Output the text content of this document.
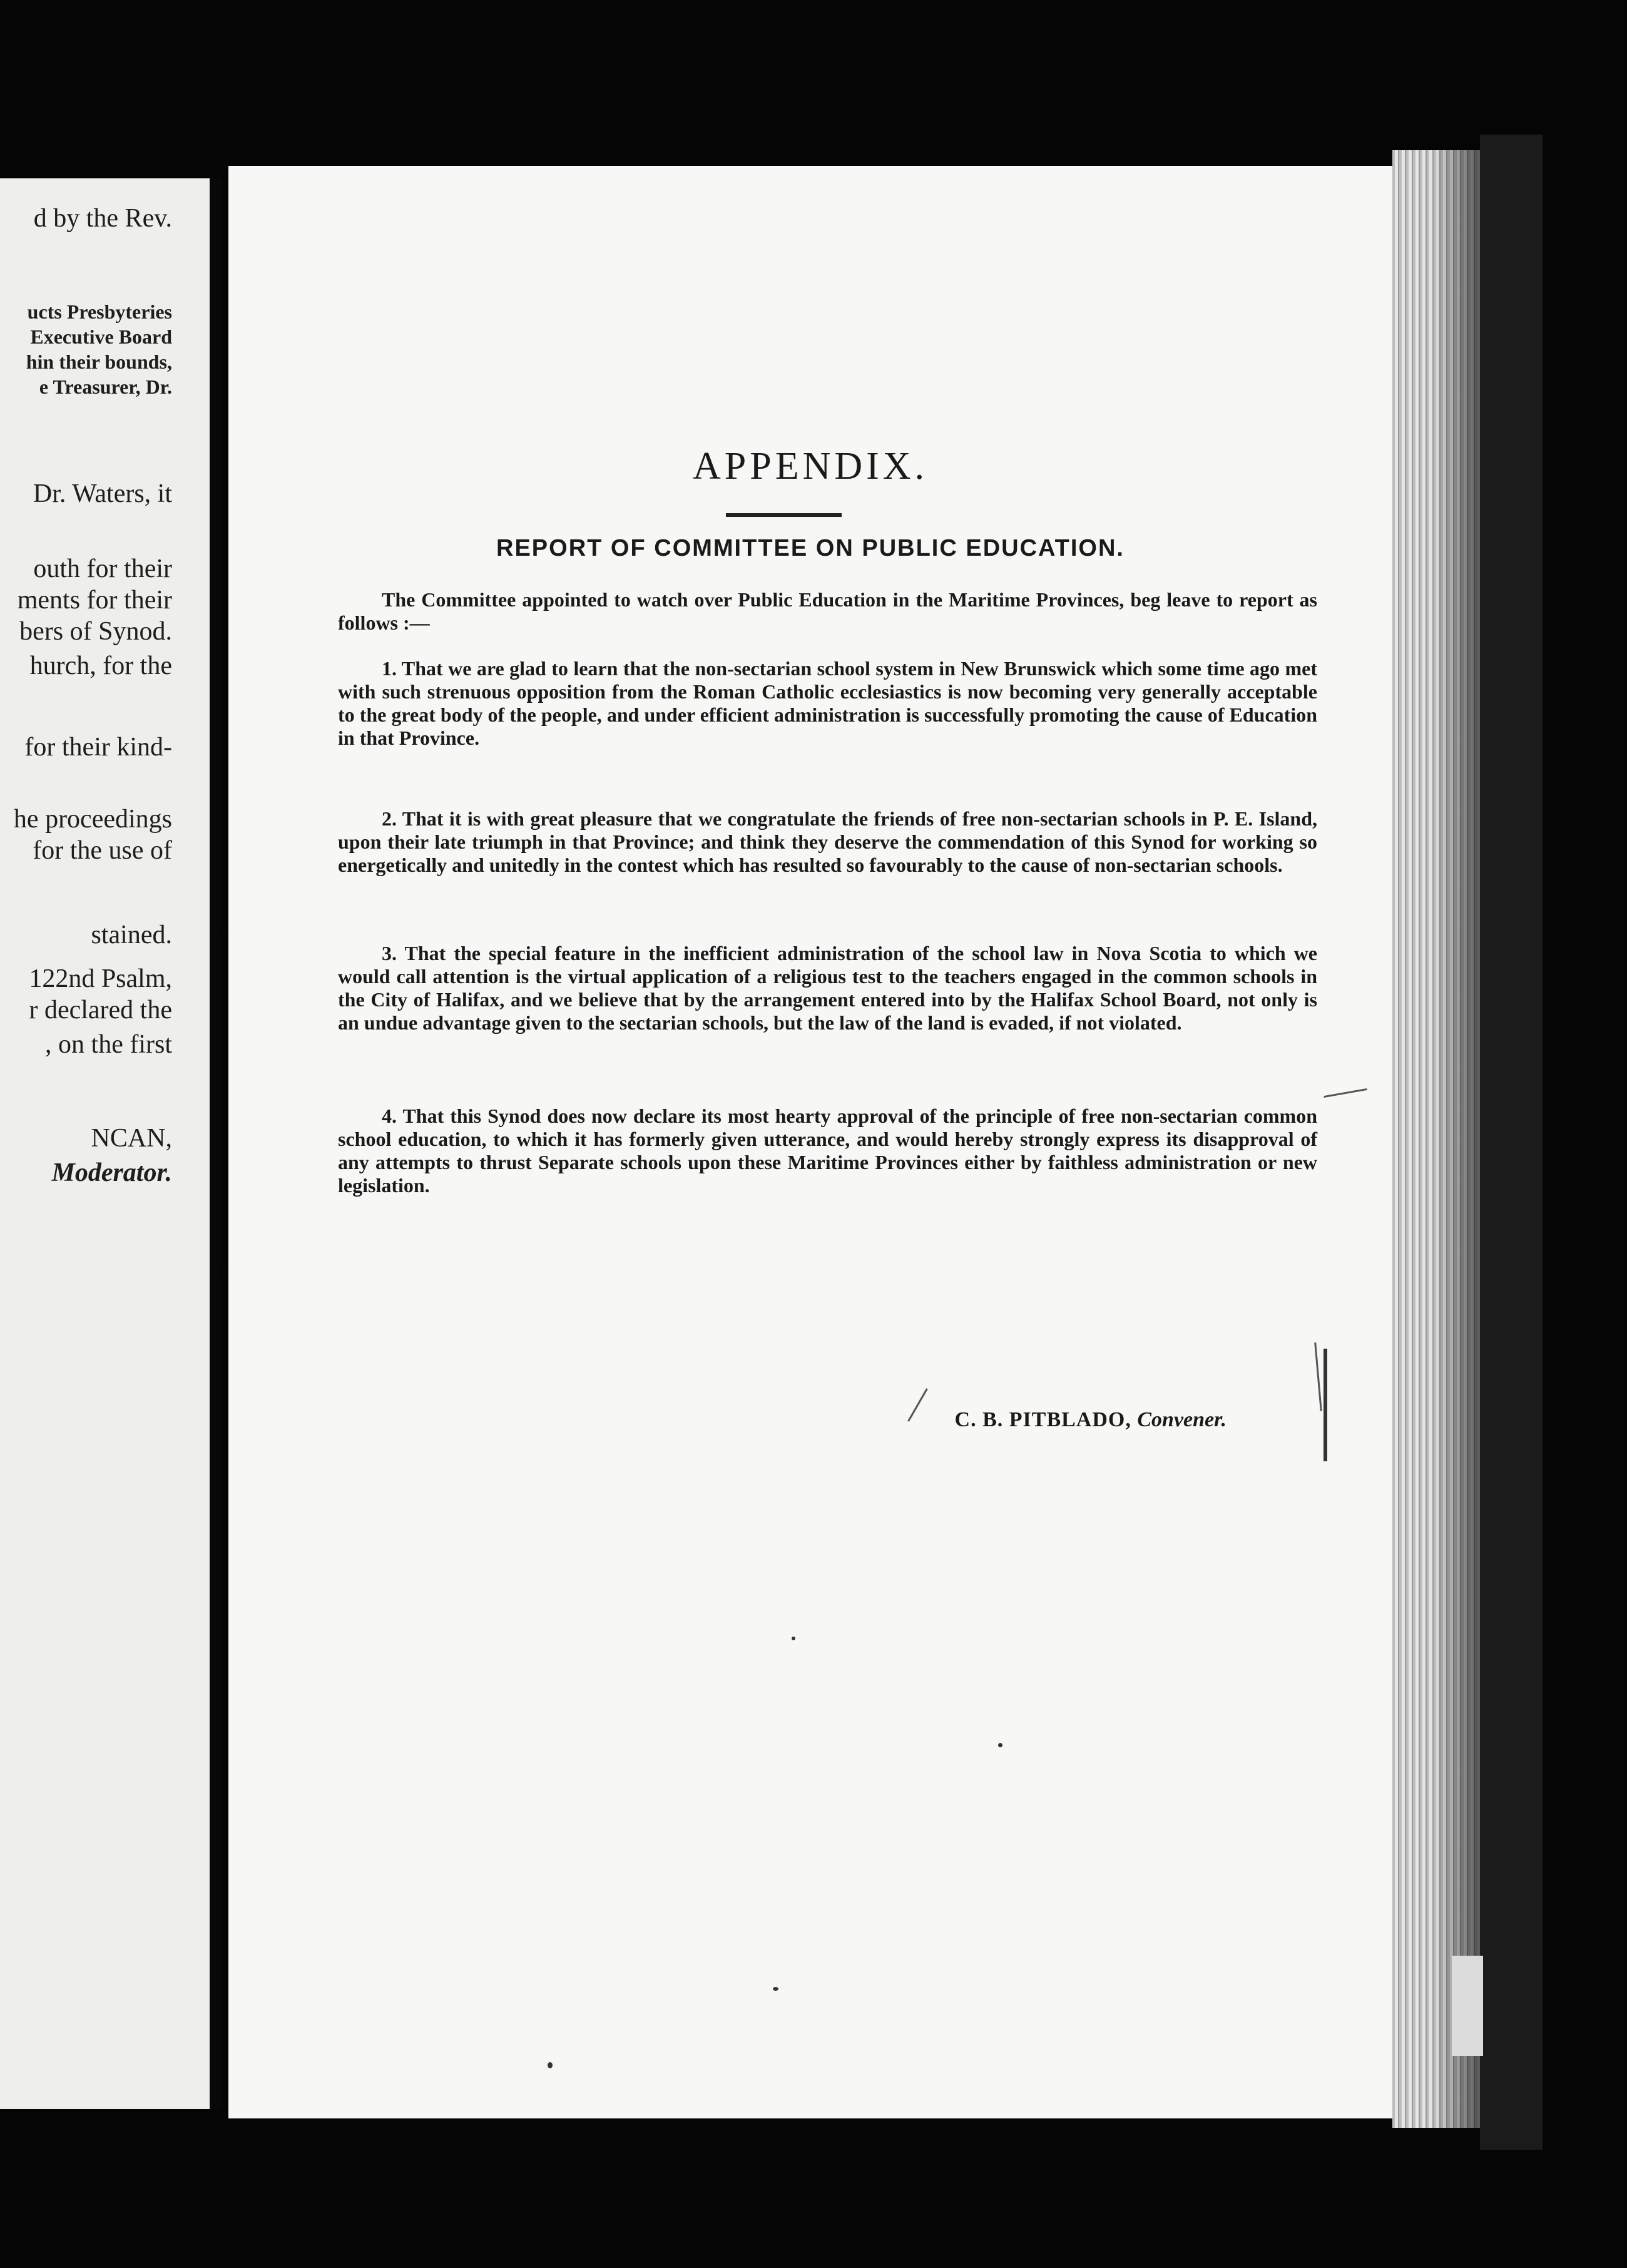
d by the Rev.
ucts Presbyteries
Executive Board
hin their bounds,
e Treasurer, Dr.
Dr. Waters, it
outh for their
ments for their
bers of Synod.
hurch, for the
for their kind-
he proceedings
for the use of
stained.
122nd Psalm,
r declared the
, on the first
NCAN,
Moderator.
APPENDIX.
REPORT OF COMMITTEE ON PUBLIC EDUCATION.

The Committee appointed to watch over Public Education in the Maritime Provinces, beg leave to report as follows :—

1. That we are glad to learn that the non-sectarian school system in New Brunswick which some time ago met with such strenuous opposition from the Roman Catholic ecclesiastics is now becoming very generally acceptable to the great body of the people, and under efficient administration is successfully promoting the cause of Education in that Province.

2. That it is with great pleasure that we congratulate the friends of free non-sectarian schools in P. E. Island, upon their late triumph in that Province; and think they deserve the commendation of this Synod for working so energetically and unitedly in the contest which has resulted so favourably to the cause of non-sectarian schools.

3. That the special feature in the inefficient administration of the school law in Nova Scotia to which we would call attention is the virtual application of a religious test to the teachers engaged in the common schools in the City of Halifax, and we believe that by the arrangement entered into by the Halifax School Board, not only is an undue advantage given to the sectarian schools, but the law of the land is evaded, if not violated.

4. That this Synod does now declare its most hearty approval of the principle of free non-sectarian common school education, to which it has formerly given utterance, and would hereby strongly express its disapproval of any attempts to thrust Separate schools upon these Maritime Provinces either by faithless administration or new legislation.

C. B. PITBLADO, Convener.
